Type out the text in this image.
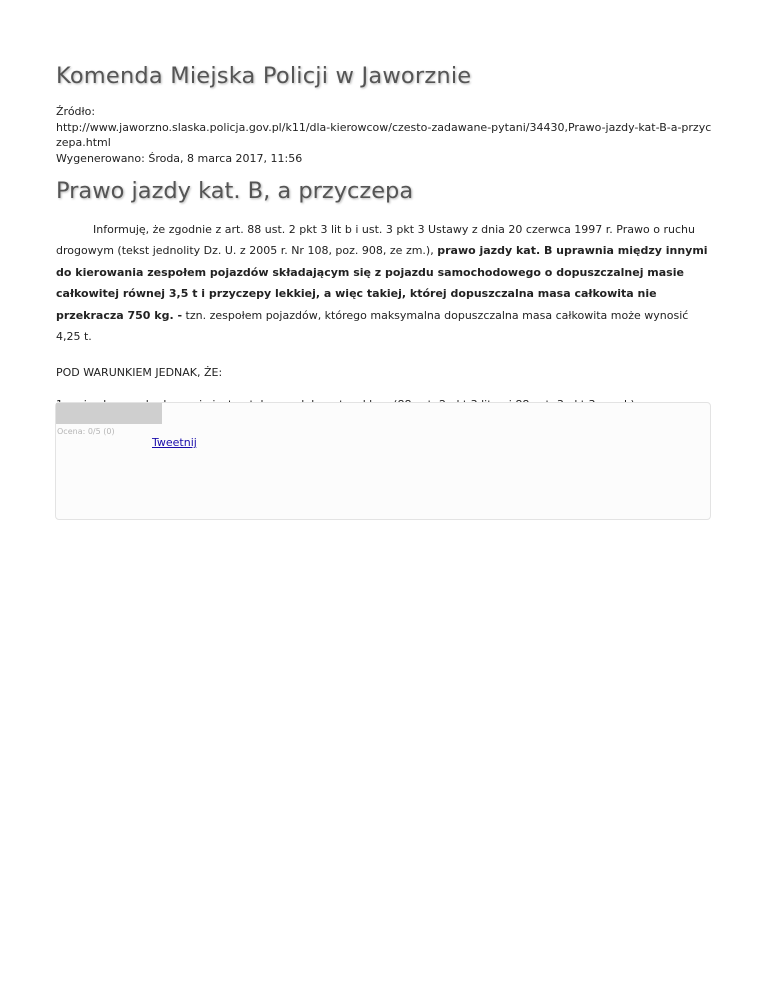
Komenda Miejska Policji w Jaworznie
Źródło:
http://www.jaworzno.slaska.policja.gov.pl/k11/dla-kierowcow/czesto-zadawane-pytani/34430,Prawo-jazdy-kat-B-a-przyczepa.html
Wygenerowano: Środa, 8 marca 2017, 11:56
Prawo jazdy kat. B, a przyczepa

Informuję, że zgodnie z art. 88 ust. 2 pkt 3 lit b i ust. 3 pkt 3 Ustawy z dnia 20 czerwca 1997 r. Prawo o ruchu drogowym (tekst jednolity Dz. U. z 2005 r. Nr 108, poz. 908, ze zm.), prawo jazdy kat. B uprawnia między innymi do kierowania zespołem pojazdów składającym się z pojazdu samochodowego o dopuszczalnej masie całkowitej równej 3,5 t i przyczepy lekkiej, a więc takiej, której dopuszczalna masa całkowita nie przekracza 750 kg. - tzn. zespołem pojazdów, którego maksymalna dopuszczalna masa całkowita może wynosić 4,25 t.

POD WARUNKIEM JEDNAK, ŻE:

Ocena: 0/5 (0)
Tweetnij
